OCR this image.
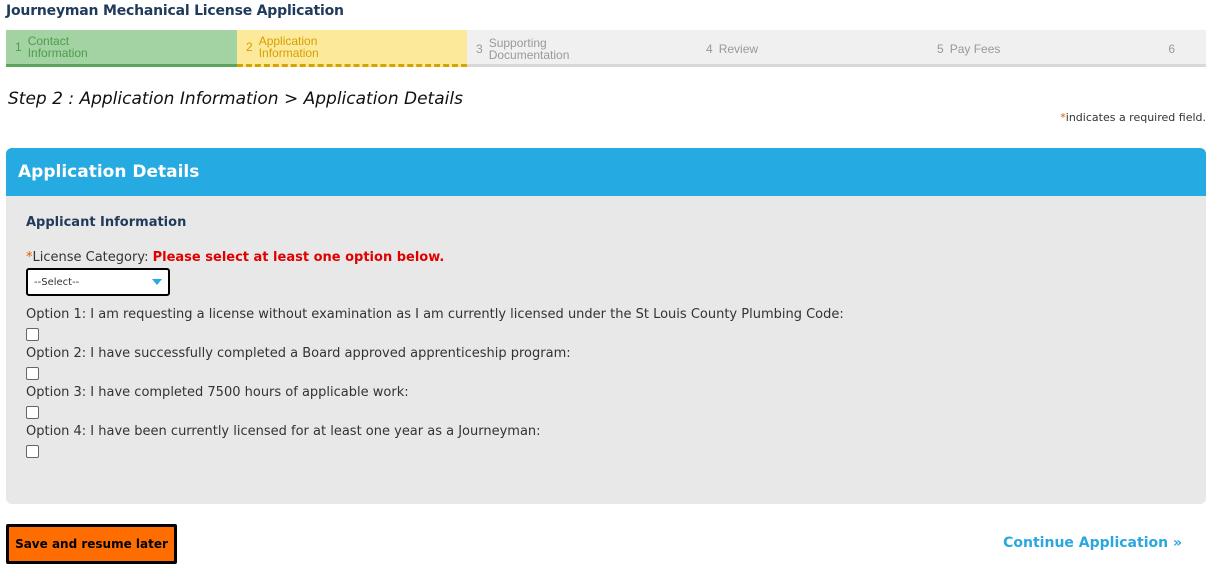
Journeyman Mechanical License Application
1 Contact Information	2 Application Information	3 Supporting Documentation	4 Review	5 Pay Fees	6
Step 2 : Application Information > Application Details
*indicates a required field.
Application Details
Applicant Information
*License Category: Please select at least one option below.
--Select--
Option 1: I am requesting a license without examination as I am currently licensed under the St Louis County Plumbing Code:
Option 2: I have successfully completed a Board approved apprenticeship program:
Option 3: I have completed 7500 hours of applicable work:
Option 4: I have been currently licensed for at least one year as a Journeyman:
Save and resume later	Continue Application »
